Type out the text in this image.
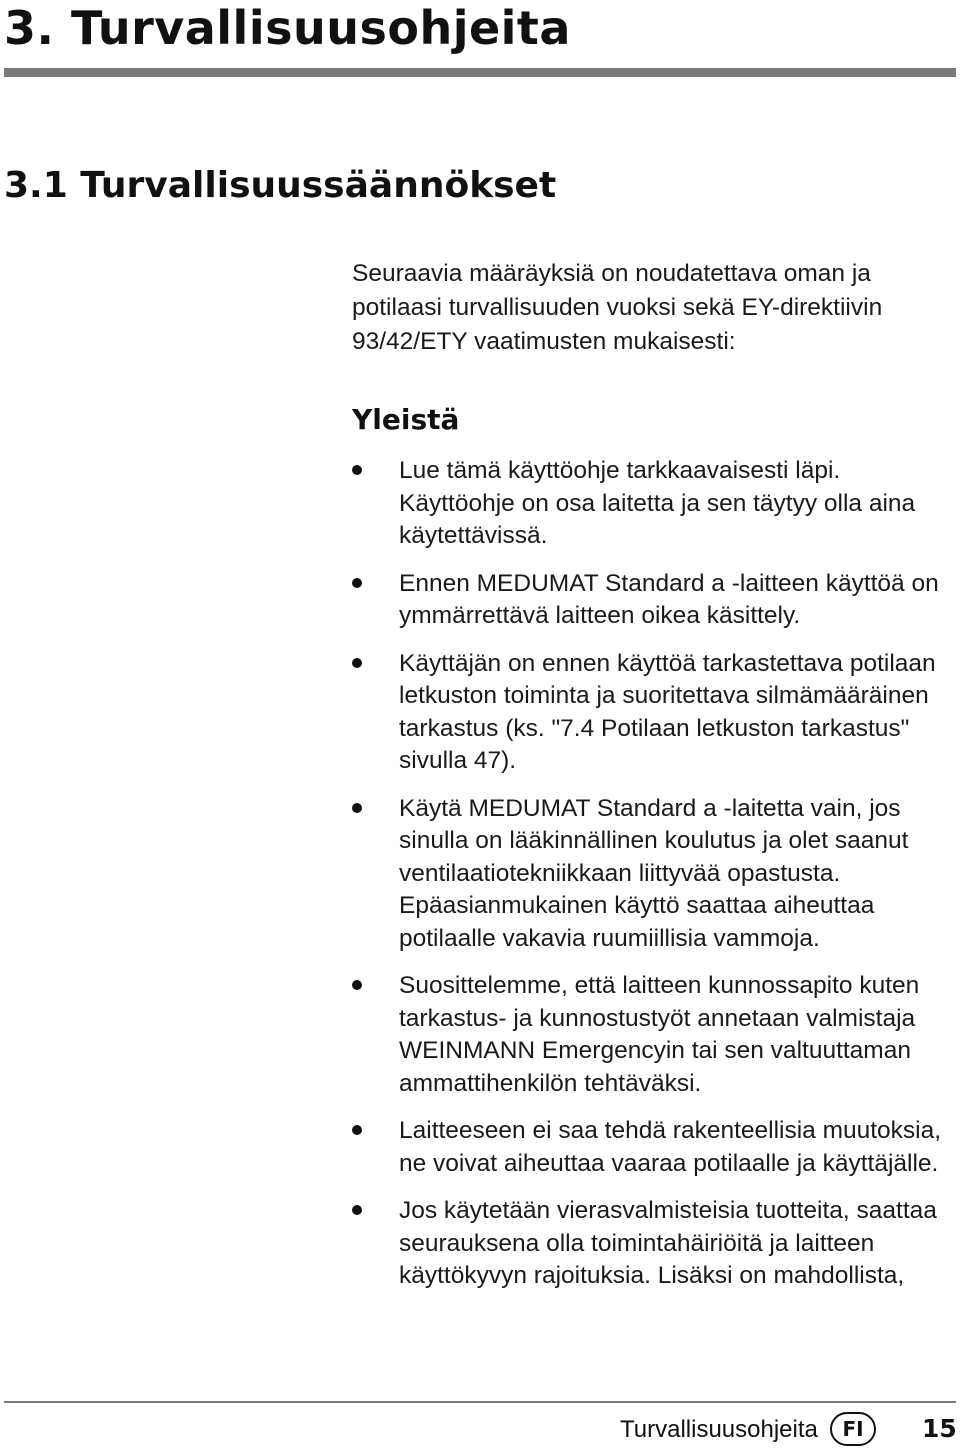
3. Turvallisuusohjeita
3.1 Turvallisuussäännökset

Seuraavia määräyksiä on noudatettava oman ja potilaasi turvallisuuden vuoksi sekä EY-direktiivin 93/42/ETY vaatimusten mukaisesti:

Yleistä
Lue tämä käyttöohje tarkkaavaisesti läpi. Käyttöohje on osa laitetta ja sen täytyy olla aina käytettävissä.
Ennen MEDUMAT Standard a -laitteen käyttöä on ymmärrettävä laitteen oikea käsittely.
Käyttäjän on ennen käyttöä tarkastettava potilaan letkuston toiminta ja suoritettava silmämääräinen tarkastus (ks. "7.4 Potilaan letkuston tarkastus" sivulla 47).
Käytä MEDUMAT Standard a -laitetta vain, jos sinulla on lääkinnällinen koulutus ja olet saanut ventilaatiotekniikkaan liittyvää opastusta. Epäasianmukainen käyttö saattaa aiheuttaa potilaalle vakavia ruumiillisia vammoja.
Suosittelemme, että laitteen kunnossapito kuten tarkastus- ja kunnostustyöt annetaan valmistaja WEINMANN Emergencyin tai sen valtuuttaman ammattihenkilön tehtäväksi.
Laitteeseen ei saa tehdä rakenteellisia muutoksia, ne voivat aiheuttaa vaaraa potilaalle ja käyttäjälle.
Jos käytetään vierasvalmisteisia tuotteita, saattaa seurauksena olla toimintahäiriöitä ja laitteen käyttökyvyn rajoituksia. Lisäksi on mahdollista,
Turvallisuusohjeita	FI	15
